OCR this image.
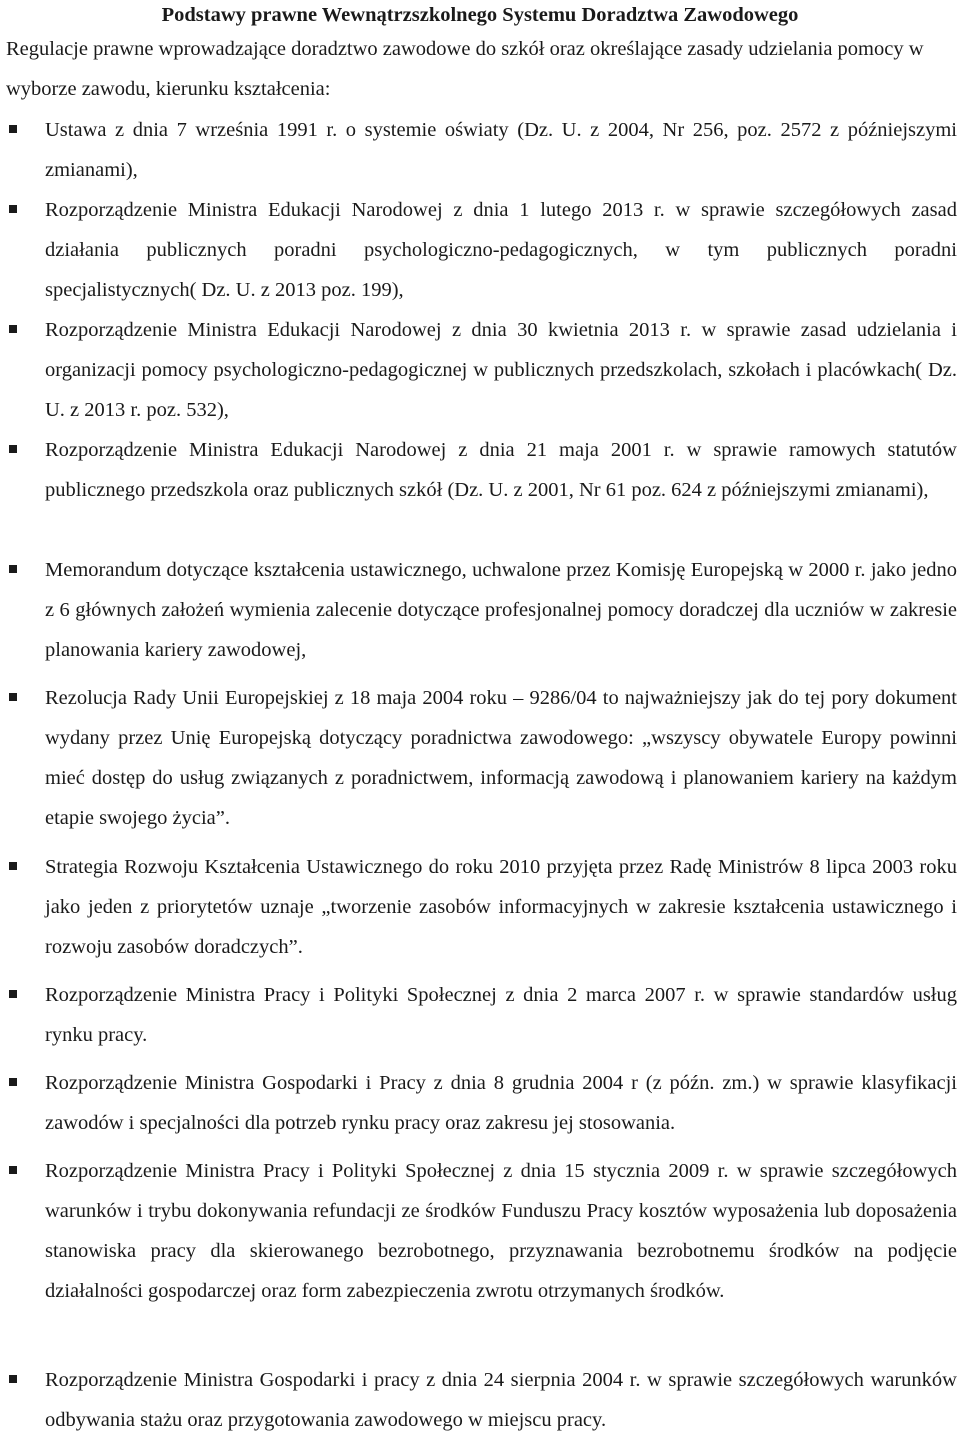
Podstawy prawne Wewnątrzszkolnego Systemu Doradztwa Zawodowego

Regulacje prawne wprowadzające doradztwo zawodowe do szkół oraz określające zasady udzielania pomocy w wyborze zawodu, kierunku kształcenia:

Ustawa z dnia 7 września 1991 r. o systemie oświaty (Dz. U. z 2004, Nr 256, poz. 2572 z późniejszymi zmianami),

Rozporządzenie Ministra Edukacji Narodowej z dnia 1 lutego 2013 r. w sprawie szczegółowych zasad działania publicznych poradni psychologiczno-pedagogicznych, w tym publicznych poradni specjalistycznych( Dz. U. z 2013 poz. 199),

Rozporządzenie Ministra Edukacji Narodowej z dnia 30 kwietnia 2013 r. w sprawie zasad udzielania i organizacji pomocy psychologiczno-pedagogicznej w publicznych przedszkolach, szkołach i placówkach( Dz. U. z 2013 r. poz. 532),

Rozporządzenie Ministra Edukacji Narodowej z dnia 21 maja 2001 r. w sprawie ramowych statutów publicznego przedszkola oraz publicznych szkół (Dz. U. z 2001, Nr 61 poz. 624 z późniejszymi zmianami),

Memorandum dotyczące kształcenia ustawicznego, uchwalone przez Komisję Europejską w 2000 r. jako jedno z 6 głównych założeń wymienia zalecenie dotyczące profesjonalnej pomocy doradczej dla uczniów w zakresie planowania kariery zawodowej,

Rezolucja Rady Unii Europejskiej z 18 maja 2004 roku – 9286/04 to najważniejszy jak do tej pory dokument wydany przez Unię Europejską dotyczący poradnictwa zawodowego: „wszyscy obywatele Europy powinni mieć dostęp do usług związanych z poradnictwem, informacją zawodową i planowaniem kariery na każdym etapie swojego życia”.

Strategia Rozwoju Kształcenia Ustawicznego do roku 2010 przyjęta przez Radę Ministrów 8 lipca 2003 roku jako jeden z priorytetów uznaje „tworzenie zasobów informacyjnych w zakresie kształcenia ustawicznego i rozwoju zasobów doradczych”.

Rozporządzenie Ministra Pracy i Polityki Społecznej z dnia 2 marca 2007 r. w sprawie standardów usług rynku pracy.

Rozporządzenie Ministra Gospodarki i Pracy z dnia 8 grudnia 2004 r (z późn. zm.) w sprawie klasyfikacji zawodów i specjalności dla potrzeb rynku pracy oraz zakresu jej stosowania.

Rozporządzenie Ministra Pracy i Polityki Społecznej z dnia 15 stycznia 2009 r. w sprawie szczegółowych warunków i trybu dokonywania refundacji ze środków Funduszu Pracy kosztów wyposażenia lub doposażenia stanowiska pracy dla skierowanego bezrobotnego, przyznawania bezrobotnemu środków na podjęcie działalności gospodarczej oraz form zabezpieczenia zwrotu otrzymanych środków.

Rozporządzenie Ministra Gospodarki i pracy z dnia 24 sierpnia 2004 r. w sprawie szczegółowych warunków odbywania stażu oraz przygotowania zawodowego w miejscu pracy.
